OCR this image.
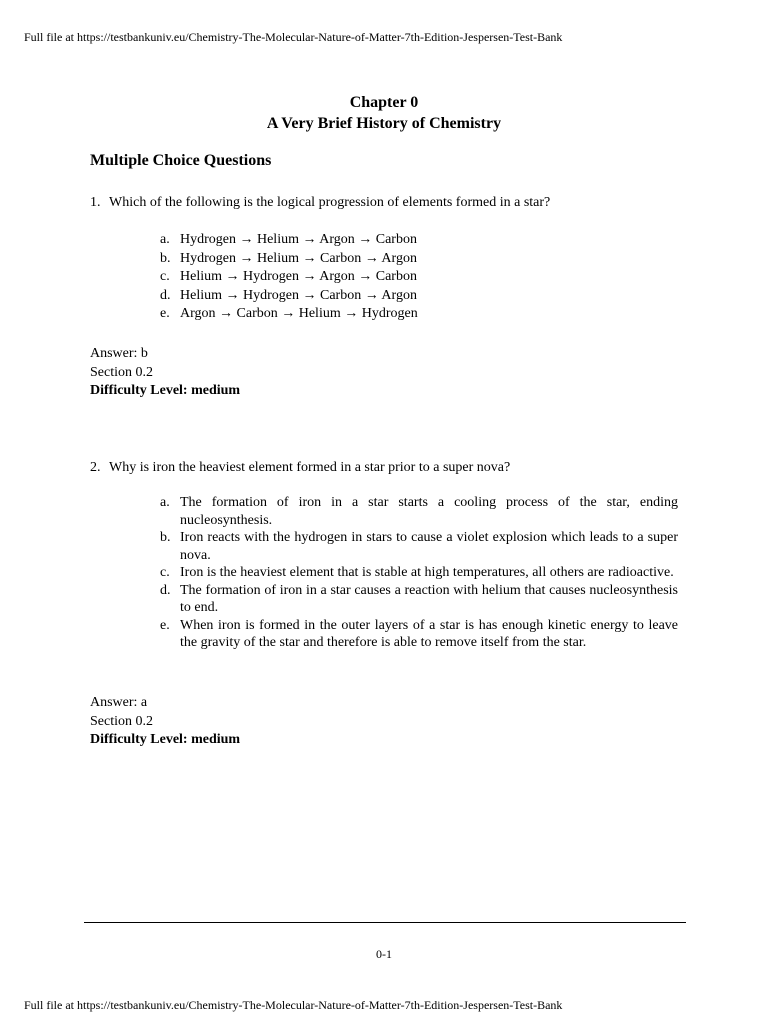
Full file at https://testbankuniv.eu/Chemistry-The-Molecular-Nature-of-Matter-7th-Edition-Jespersen-Test-Bank
Chapter 0
A Very Brief History of Chemistry
Multiple Choice Questions
1. Which of the following is the logical progression of elements formed in a star?
a. Hydrogen → Helium → Argon → Carbon
b. Hydrogen → Helium → Carbon → Argon
c. Helium → Hydrogen → Argon → Carbon
d. Helium → Hydrogen → Carbon → Argon
e. Argon → Carbon → Helium → Hydrogen
Answer: b
Section 0.2
Difficulty Level: medium
2. Why is iron the heaviest element formed in a star prior to a super nova?
a. The formation of iron in a star starts a cooling process of the star, ending nucleosynthesis.
b. Iron reacts with the hydrogen in stars to cause a violet explosion which leads to a super nova.
c. Iron is the heaviest element that is stable at high temperatures, all others are radioactive.
d. The formation of iron in a star causes a reaction with helium that causes nucleosynthesis to end.
e. When iron is formed in the outer layers of a star is has enough kinetic energy to leave the gravity of the star and therefore is able to remove itself from the star.
Answer: a
Section 0.2
Difficulty Level: medium
0-1
Full file at https://testbankuniv.eu/Chemistry-The-Molecular-Nature-of-Matter-7th-Edition-Jespersen-Test-Bank
